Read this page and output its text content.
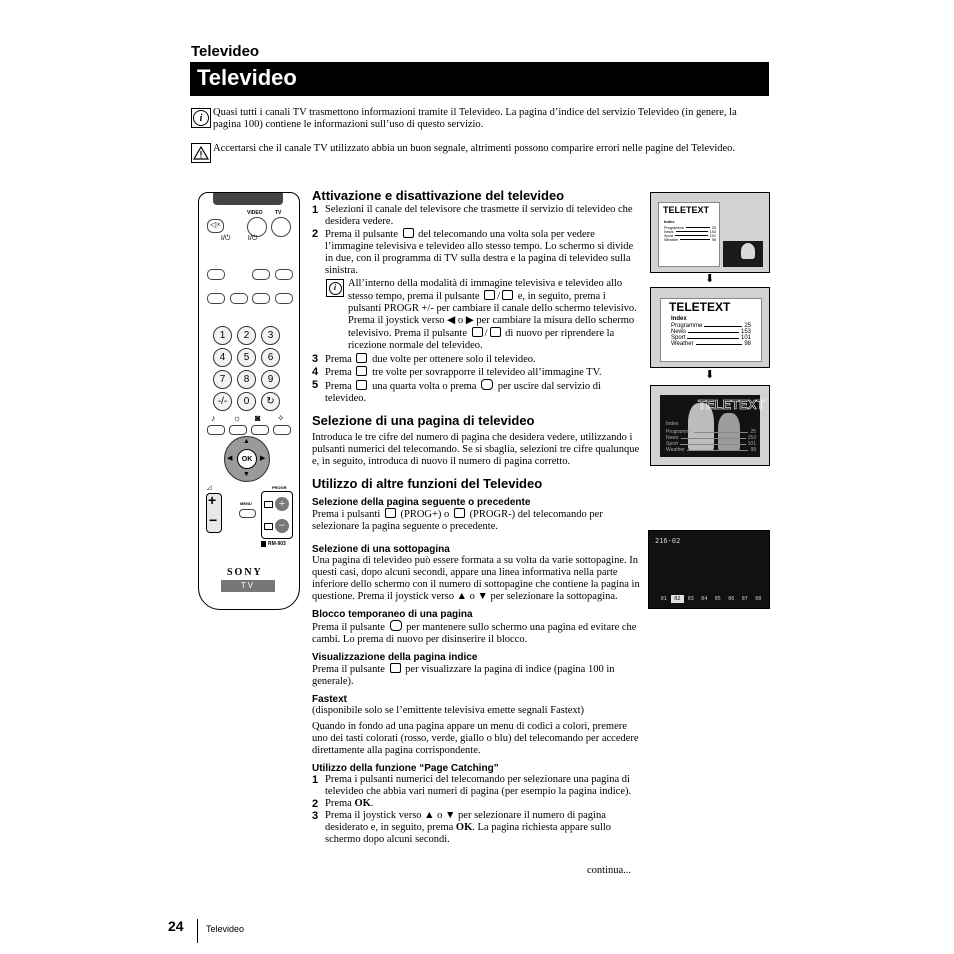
Televideo
Televideo
i	Quasi tutti i canali TV trasmettono informazioni tramite il Televideo. La pagina d’indice del servizio Televideo (in genere, la pagina 100) contiene le informazioni sull’uso di questo servizio.

Accertarsi che il canale TV utilizzato abbia un buon segnale, altrimenti possono comparire errori nelle pagine del Televideo.

VIDEO TV
◁×
I/⏻         I/⏻
1	2	3
4	5	6
7	8	9
-/-	0	↻
♪ ☼ ◙ ✧
▲
▼
◀	▶
OK
◿
+
−
MENU
PROGR
+
−
RM-903
SONY
TV
Attivazione e disattivazione del televideo
1 Selezioni il canale del televisore che trasmette il servizio di televideo che desidera vedere.
2 Prema il pulsante del telecomando una volta sola per vedere l’immagine televisiva e televideo allo stesso tempo. Lo schermo si divide in due, con il programma di TV sulla destra e la pagina di televideo sulla sinistra.
i	All’interno della modalità di immagine televisiva e televideo allo stesso tempo, prema il pulsante / e, in seguito, prema i pulsanti PROGR +/- per cambiare il canale dello schermo televisivo. Prema il joystick verso ◀ o ▶ per cambiare la misura dello schermo televisivo. Prema il pulsante / di nuovo per riprendere la ricezione normale del televideo.
3 Prema due volte per ottenere solo il televideo.
4 Prema tre volte per sovrapporre il televideo all’immagine TV.
5 Prema una quarta volta o prema per uscire dal servizio di televideo.
Selezione di una pagina di televideo

Introduca le tre cifre del numero di pagina che desidera vedere, utilizzando i pulsanti numerici del telecomando. Se si sbaglia, selezioni tre cifre qualunque e, in seguito, introduca di nuovo il numero di pagina corretto.

Utilizzo di altre funzioni del Televideo
Selezione della pagina seguente o precedente

Prema i pulsanti (PROG+) o (PROGR-) del telecomando per selezionare la pagina seguente o precedente.

Selezione di una sottopagina

Una pagina di televideo può essere formata a su volta da varie sottopagine. In questi casi, dopo alcuni secondi, appare una linea informativa nella parte inferiore dello schermo con il numero di sottopagine che contiene la pagina in questione. Prema il joystick verso ▲ o ▼ per selezionare la sottopagina.

Blocco temporaneo di una pagina

Prema il pulsante per mantenere sullo schermo una pagina ed evitare che cambi. Lo prema di nuovo per disinserire il blocco.

Visualizzazione della pagina indice

Prema il pulsante per visualizzare la pagina di indice (pagina 100 in generale).

Fastext

(disponibile solo se l’emittente televisiva emette segnali Fastext)

Quando in fondo ad una pagina appare un menu di codici a colori, premere uno dei tasti colorati (rosso, verde, giallo o blu) del telecomando per accedere direttamente alla pagina corrispondente.

Utilizzo della funzione “Page Catching”
1 Prema i pulsanti numerici del telecomando per selezionare una pagina di televideo che abbia vari numeri di pagina (per esempio la pagina indice).
2 Prema OK.
3 Prema il joystick verso ▲ o ▼ per selezionare il numero di pagina desiderato e, in seguito, prema OK. La pagina richiesta appare sullo schermo dopo alcuni secondi.
continua...
TELETEXT
Index
Programme	25
News	153
Sport	101
Weather	98
⬇
TELETEXT
Index
Programme	25
News	153
Sport	101
Weather	98
⬇
TELETEXT
Index
Programme	25
News	153
Sport	101
Weather	98
216-02
01	02	03	04	05	06	07	08
24 Televideo
